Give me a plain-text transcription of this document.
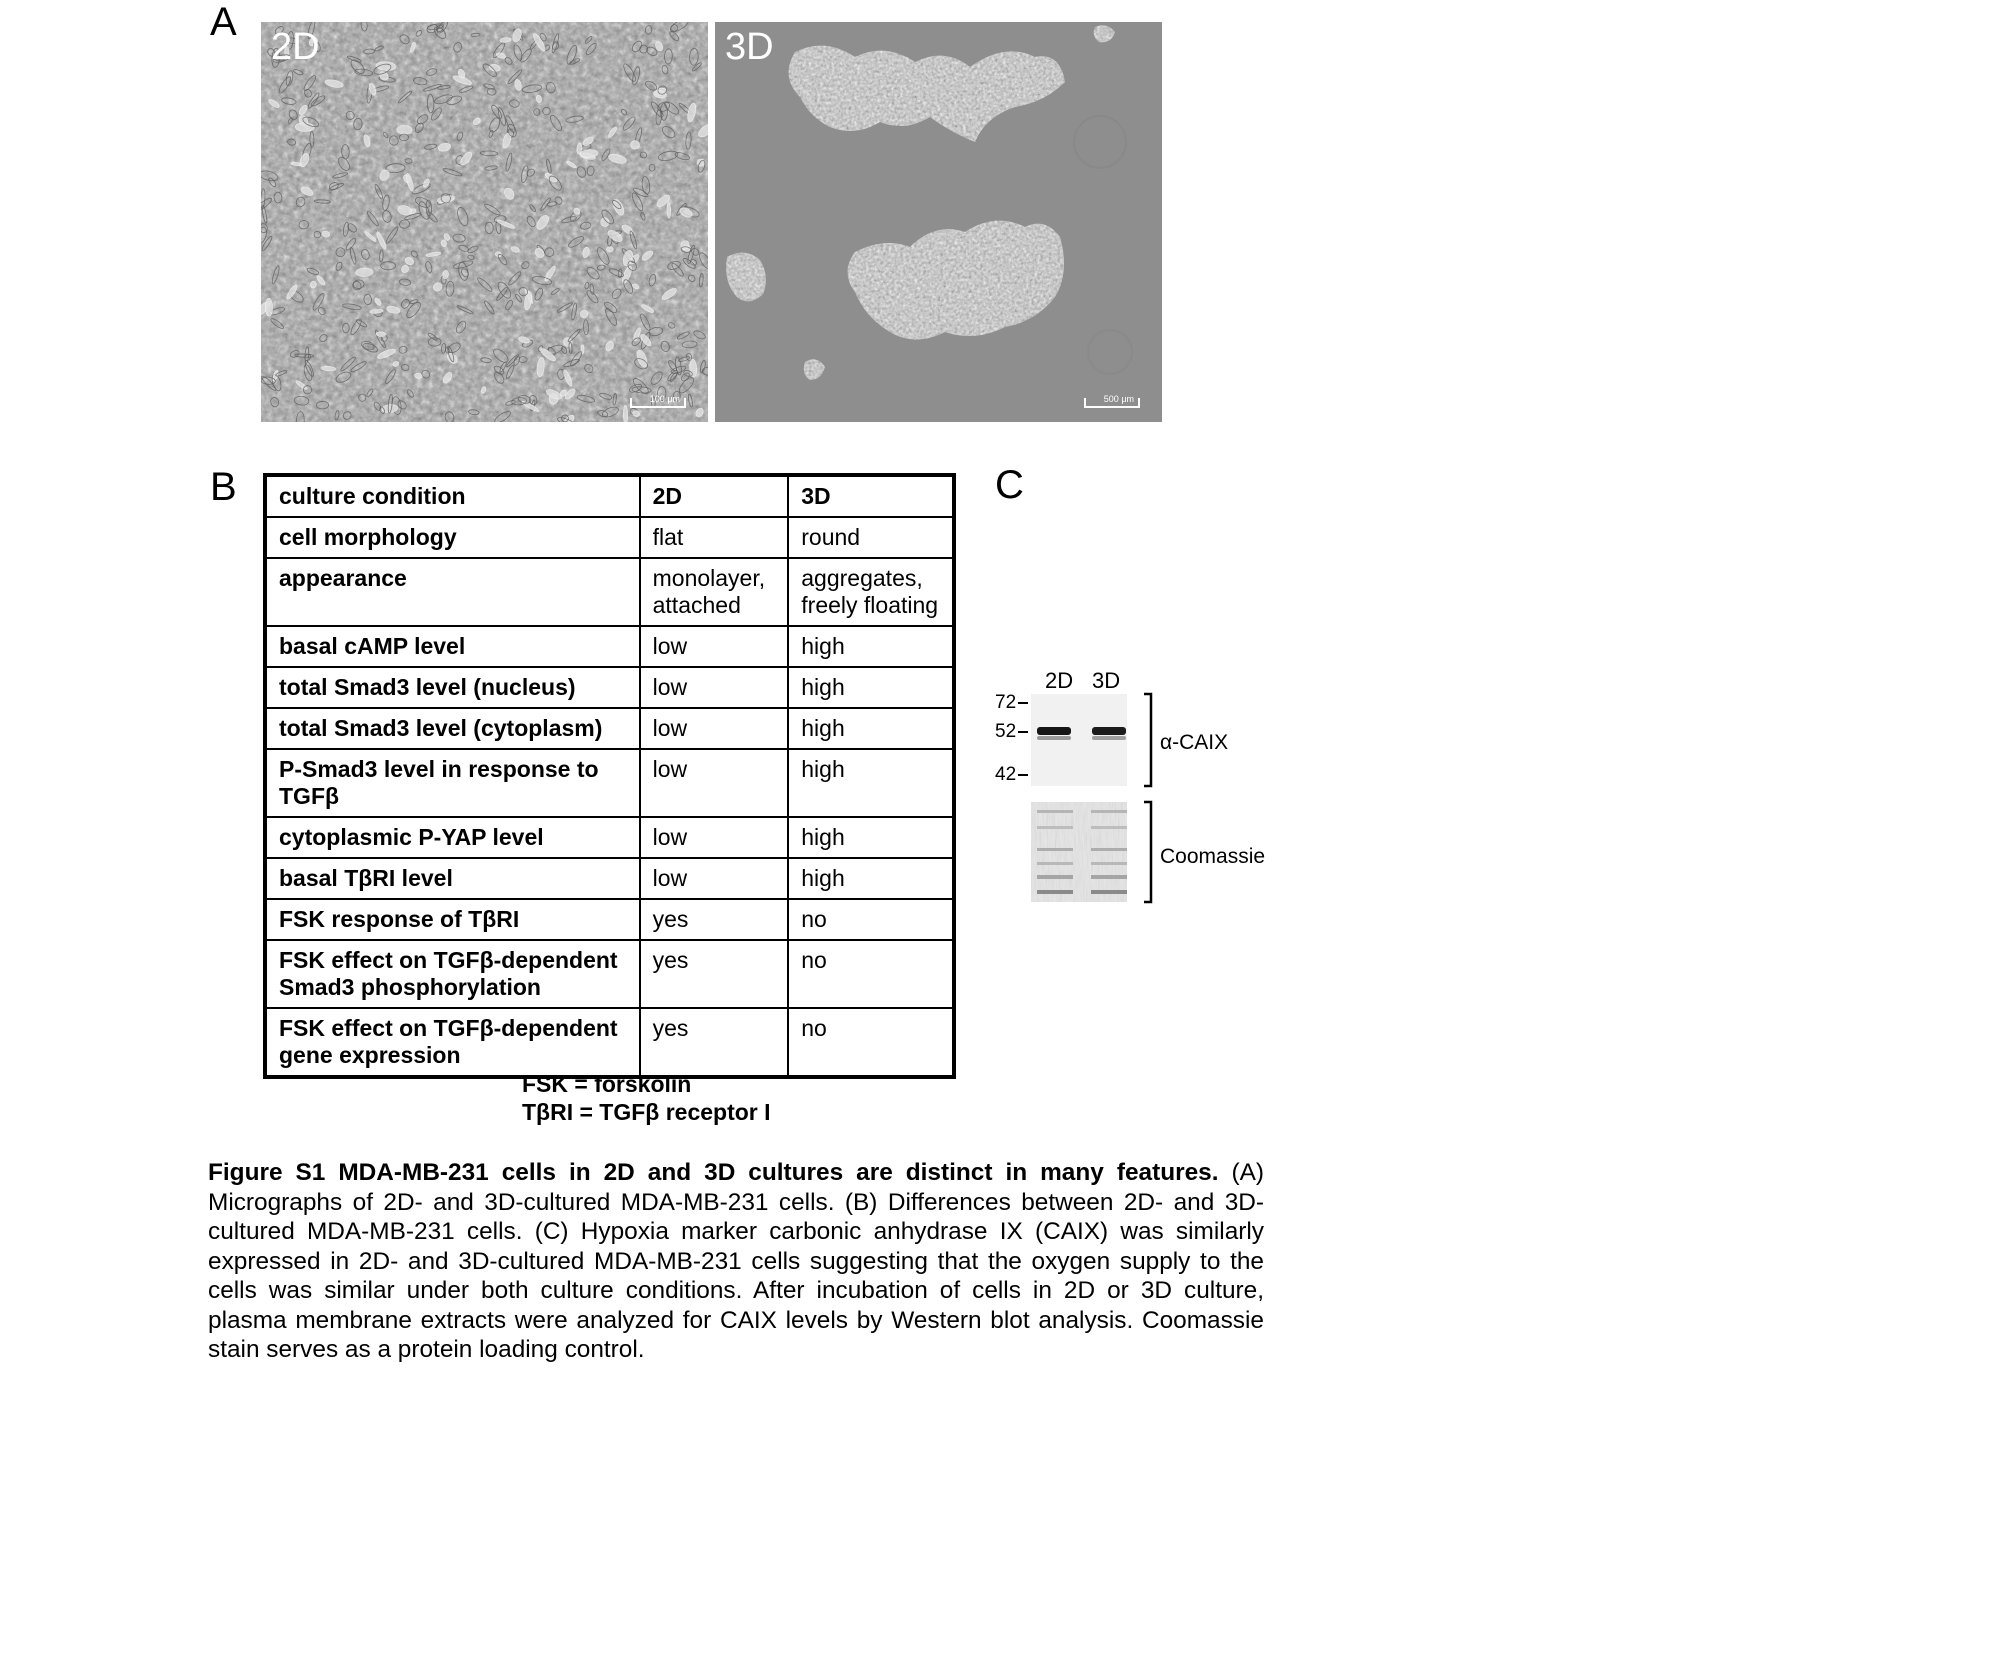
A
2D
100 μm
3D
500 μm
B culture condition	2D	3D
cell morphology	flat	round
appearance	monolayer, attached	aggregates, freely floating
basal cAMP level	low	high
total Smad3 level (nucleus)	low	high
total Smad3 level (cytoplasm)	low	high
P-Smad3 level in response to TGFβ	low	high
cytoplasmic P-YAP level	low	high
basal TβRI level	low	high
FSK response of TβRI	yes	no
FSK effect on TGFβ-dependent Smad3 phosphorylation	yes	no
FSK effect on TGFβ-dependent gene expression	yes	no
FSK = forskolin
TβRI = TGFβ receptor I
C
2D 3D
72
52
42
α-CAIX
Coomassie
Figure S1 MDA-MB-231 cells in 2D and 3D cultures are distinct in many features. (A) Micrographs of 2D- and 3D-cultured MDA-MB-231 cells. (B) Differences between 2D- and 3D-cultured MDA-MB-231 cells. (C) Hypoxia marker carbonic anhydrase IX (CAIX) was similarly expressed in 2D- and 3D-cultured MDA-MB-231 cells suggesting that the oxygen supply to the cells was similar under both culture conditions. After incubation of cells in 2D or 3D culture, plasma membrane extracts were analyzed for CAIX levels by Western blot analysis. Coomassie stain serves as a protein loading control.
